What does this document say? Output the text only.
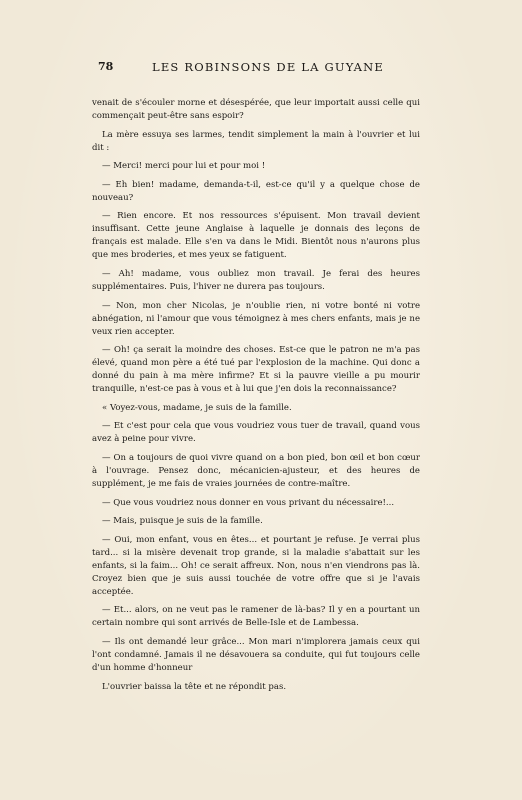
78	LES ROBINSONS DE LA GUYANE

venait de s'écouler morne et désespérée, que leur importait aussi celle qui commençait peut-être sans espoir?

La mère essuya ses larmes, tendit simplement la main à l'ouvrier et lui dit :

— Merci! merci pour lui et pour moi !

— Eh bien! madame, demanda-t-il, est-ce qu'il y a quelque chose de nouveau?

— Rien encore. Et nos ressources s'épuisent. Mon travail devient insuffisant. Cette jeune Anglaise à laquelle je donnais des leçons de français est malade. Elle s'en va dans le Midi. Bientôt nous n'aurons plus que mes broderies, et mes yeux se fatiguent.

— Ah! madame, vous oubliez mon travail. Je ferai des heures supplémentaires. Puis, l'hiver ne durera pas toujours.

— Non, mon cher Nicolas, je n'oublie rien, ni votre bonté ni votre abnégation, ni l'amour que vous témoignez à mes chers enfants, mais je ne veux rien accepter.

— Oh! ça serait la moindre des choses. Est-ce que le patron ne m'a pas élevé, quand mon père a été tué par l'explosion de la machine. Qui donc a donné du pain à ma mère infirme? Et si la pauvre vieille a pu mourir tranquille, n'est-ce pas à vous et à lui que j'en dois la reconnaissance?

« Voyez-vous, madame, je suis de la famille.

— Et c'est pour cela que vous voudriez vous tuer de travail, quand vous avez à peine pour vivre.

— On a toujours de quoi vivre quand on a bon pied, bon œil et bon cœur à l'ouvrage. Pensez donc, mécanicien-ajusteur, et des heures de supplément, je me fais de vraies journées de contre-maître.

— Que vous voudriez nous donner en vous privant du nécessaire!...

— Mais, puisque je suis de la famille.

— Oui, mon enfant, vous en êtes... et pourtant je refuse. Je verrai plus tard... si la misère devenait trop grande, si la maladie s'abattait sur les enfants, si la faim... Oh! ce serait affreux. Non, nous n'en viendrons pas là. Croyez bien que je suis aussi touchée de votre offre que si je l'avais acceptée.

— Et... alors, on ne veut pas le ramener de là-bas? Il y en a pourtant un certain nombre qui sont arrivés de Belle-Isle et de Lambessa.

— Ils ont demandé leur grâce... Mon mari n'implorera jamais ceux qui l'ont condamné. Jamais il ne désavouera sa conduite, qui fut toujours celle d'un homme d'honneur

L'ouvrier baissa la tête et ne répondit pas.
